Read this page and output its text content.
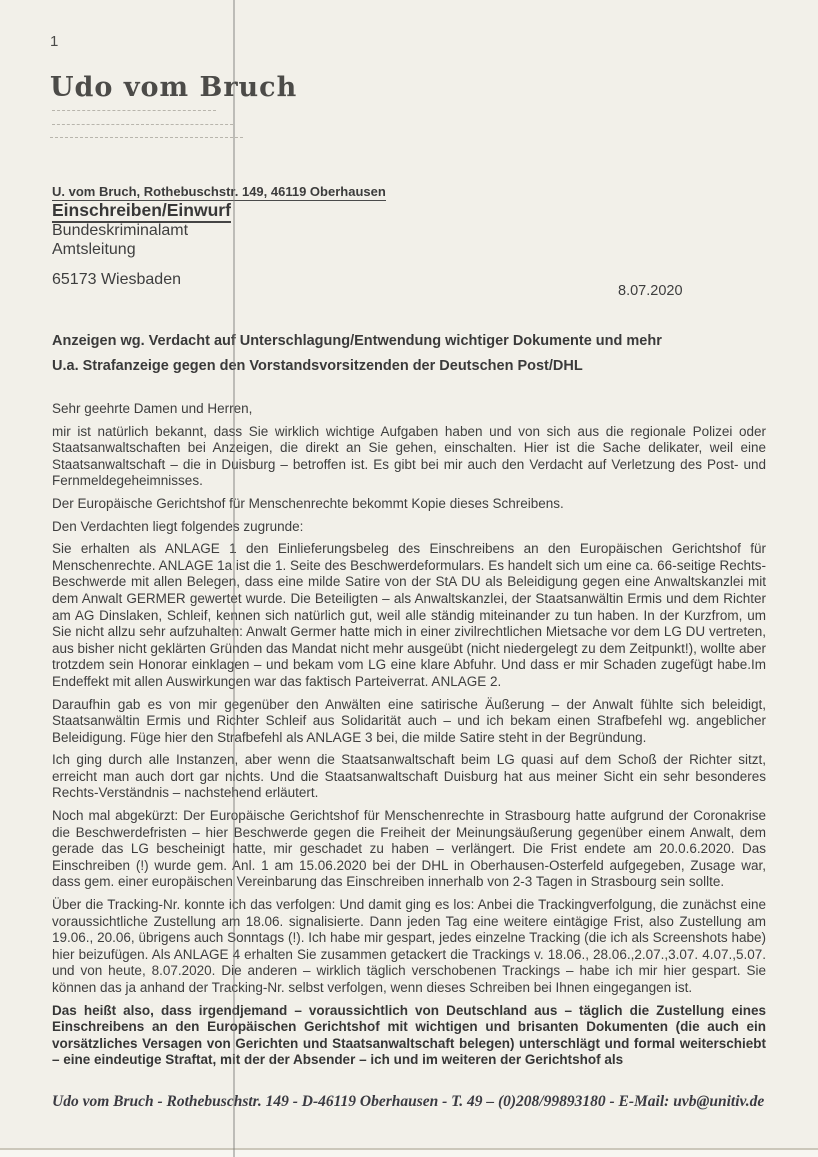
1
Udo vom Bruch
U. vom Bruch, Rothebuschstr. 149, 46119 Oberhausen
Einschreiben/Einwurf
Bundeskriminalamt
Amtsleitung
65173 Wiesbaden
8.07.2020
Anzeigen wg. Verdacht auf Unterschlagung/Entwendung wichtiger Dokumente und mehr
U.a. Strafanzeige gegen den Vorstandsvorsitzenden der Deutschen Post/DHL

Sehr geehrte Damen und Herren,

mir ist natürlich bekannt, dass Sie wirklich wichtige Aufgaben haben und von sich aus die regionale Polizei oder Staatsanwaltschaften bei Anzeigen, die direkt an Sie gehen, einschalten. Hier ist die Sache delikater, weil eine Staatsanwaltschaft – die in Duisburg – betroffen ist. Es gibt bei mir auch den Verdacht auf Verletzung des Post- und Fernmeldegeheimnisses.

Der Europäische Gerichtshof für Menschenrechte bekommt Kopie dieses Schreibens.

Den Verdachten liegt folgendes zugrunde:

Sie erhalten als ANLAGE 1 den Einlieferungsbeleg des Einschreibens an den Europäischen Gerichtshof für Menschenrechte. ANLAGE 1a ist die 1. Seite des Beschwerdeformulars. Es handelt sich um eine ca. 66-seitige Rechts-Beschwerde mit allen Belegen, dass eine milde Satire von der StA DU als Beleidigung gegen eine Anwaltskanzlei mit dem Anwalt GERMER gewertet wurde. Die Beteiligten – als Anwaltskanzlei, der Staatsanwältin Ermis und dem Richter am AG Dinslaken, Schleif, kennen sich natürlich gut, weil alle ständig miteinander zu tun haben. In der Kurzfrom, um Sie nicht allzu sehr aufzuhalten: Anwalt Germer hatte mich in einer zivilrechtlichen Mietsache vor dem LG DU vertreten, aus bisher nicht geklärten Gründen das Mandat nicht mehr ausgeübt (nicht niedergelegt zu dem Zeitpunkt!), wollte aber trotzdem sein Honorar einklagen – und bekam vom LG eine klare Abfuhr. Und dass er mir Schaden zugefügt habe.Im Endeffekt mit allen Auswirkungen war das faktisch Parteiverrat. ANLAGE 2.

Daraufhin gab es von mir gegenüber den Anwälten eine satirische Äußerung – der Anwalt fühlte sich beleidigt, Staatsanwältin Ermis und Richter Schleif aus Solidarität auch – und ich bekam einen Strafbefehl wg. angeblicher Beleidigung. Füge hier den Strafbefehl als ANLAGE 3 bei, die milde Satire steht in der Begründung.

Ich ging durch alle Instanzen, aber wenn die Staatsanwaltschaft beim LG quasi auf dem Schoß der Richter sitzt, erreicht man auch dort gar nichts. Und die Staatsanwaltschaft Duisburg hat aus meiner Sicht ein sehr besonderes Rechts-Verständnis – nachstehend erläutert.

Noch mal abgekürzt: Der Europäische Gerichtshof für Menschenrechte in Strasbourg hatte aufgrund der Coronakrise die Beschwerdefristen – hier Beschwerde gegen die Freiheit der Meinungsäußerung gegenüber einem Anwalt, dem gerade das LG bescheinigt hatte, mir geschadet zu haben – verlängert. Die Frist endete am 20.0.6.2020. Das Einschreiben (!) wurde gem. Anl. 1 am 15.06.2020 bei der DHL in Oberhausen-Osterfeld aufgegeben, Zusage war, dass gem. einer europäischen Vereinbarung das Einschreiben innerhalb von 2-3 Tagen in Strasbourg sein sollte.

Über die Tracking-Nr. konnte ich das verfolgen: Und damit ging es los: Anbei die Trackingverfolgung, die zunächst eine voraussichtliche Zustellung am 18.06. signalisierte. Dann jeden Tag eine weitere eintägige Frist, also Zustellung am 19.06., 20.06, übrigens auch Sonntags (!). Ich habe mir gespart, jedes einzelne Tracking (die ich als Screenshots habe) hier beizufügen. Als ANLAGE 4 erhalten Sie zusammen getackert die Trackings v. 18.06., 28.06.,2.07.,3.07. 4.07.,5.07. und von heute, 8.07.2020. Die anderen – wirklich täglich verschobenen Trackings – habe ich mir hier gespart. Sie können das ja anhand der Tracking-Nr. selbst verfolgen, wenn dieses Schreiben bei Ihnen eingegangen ist.

Das heißt also, dass irgendjemand – voraussichtlich von Deutschland aus – täglich die Zustellung eines Einschreibens an den Europäischen Gerichtshof mit wichtigen und brisanten Dokumenten (die auch ein vorsätzliches Versagen von Gerichten und Staatsanwaltschaft belegen) unterschlägt und formal weiterschiebt – eine eindeutige Straftat, mit der der Absender – ich und im weiteren der Gerichtshof als

Udo vom Bruch - Rothebuschstr. 149 - D-46119 Oberhausen - T. 49 – (0)208/99893180 - E-Mail: uvb@unitiv.de
